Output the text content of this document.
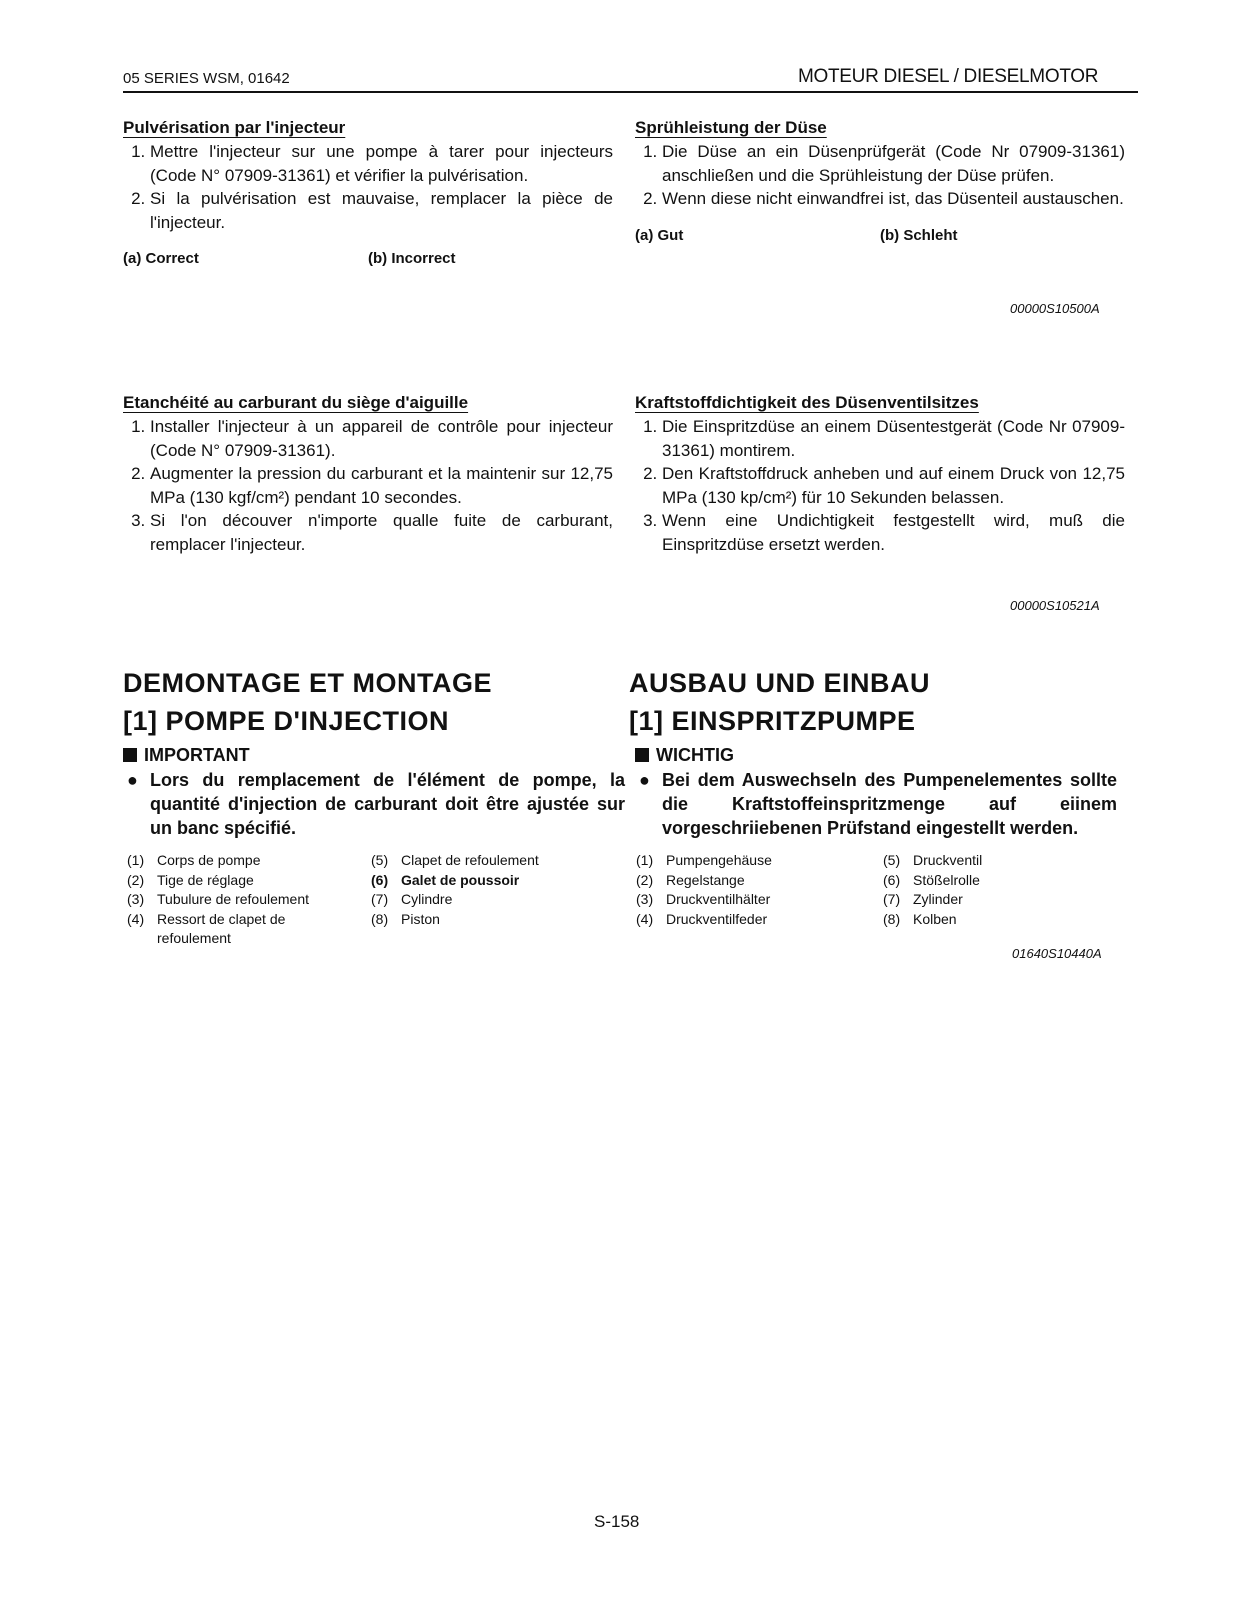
05 SERIES WSM, 01642	MOTEUR DIESEL / DIESELMOTOR
Pulvérisation par l'injecteur
1. Mettre l'injecteur sur une pompe à tarer pour injecteurs (Code N° 07909-31361) et vérifier la pulvérisation.
2. Si la pulvérisation est mauvaise, remplacer la pièce de l'injecteur.
(a) Correct	(b) Incorrect
Sprühleistung der Düse
1. Die Düse an ein Düsenprüfgerät (Code Nr 07909-31361) anschließen und die Sprühleistung der Düse prüfen.
2. Wenn diese nicht einwandfrei ist, das Düsenteil austauschen.
(a) Gut	(b) Schleht
00000S10500A
Etanchéité au carburant du siège d'aiguille
1. Installer l'injecteur à un appareil de contrôle pour injecteur (Code N° 07909-31361).
2. Augmenter la pression du carburant et la maintenir sur 12,75 MPa (130 kgf/cm²) pendant 10 secondes.
3. Si l'on découver n'importe qualle fuite de carburant, remplacer l'injecteur.
Kraftstoffdichtigkeit des Düsenventilsitzes
1. Die Einspritzdüse an einem Düsentestgerät (Code Nr 07909-31361) montirem.
2. Den Kraftstoffdruck anheben und auf einem Druck von 12,75 MPa (130 kp/cm²) für 10 Sekunden belassen.
3. Wenn eine Undichtigkeit festgestellt wird, muß die Einspritzdüse ersetzt werden.
00000S10521A
DEMONTAGE ET MONTAGE
[1] POMPE D'INJECTION
IMPORTANT
● Lors du remplacement de l'élément de pompe, la quantité d'injection de carburant doit être ajustée sur un banc spécifié.
(1) Corps de pompe
(2) Tige de réglage
(3) Tubulure de refoulement
(4) Ressort de clapet de refoulement
(5) Clapet de refoulement
(6) Galet de poussoir
(7) Cylindre
(8) Piston
AUSBAU UND EINBAU
[1] EINSPRITZPUMPE
WICHTIG
● Bei dem Auswechseln des Pumpenelementes sollte die Kraftstoffeinspritzmenge auf eiinem vorgeschriiebenen Prüfstand eingestellt werden.
(1) Pumpengehäuse
(2) Regelstange
(3) Druckventilhälter
(4) Druckventilfeder
(5) Druckventil
(6) Stößelrolle
(7) Zylinder
(8) Kolben
01640S10440A
S-158
